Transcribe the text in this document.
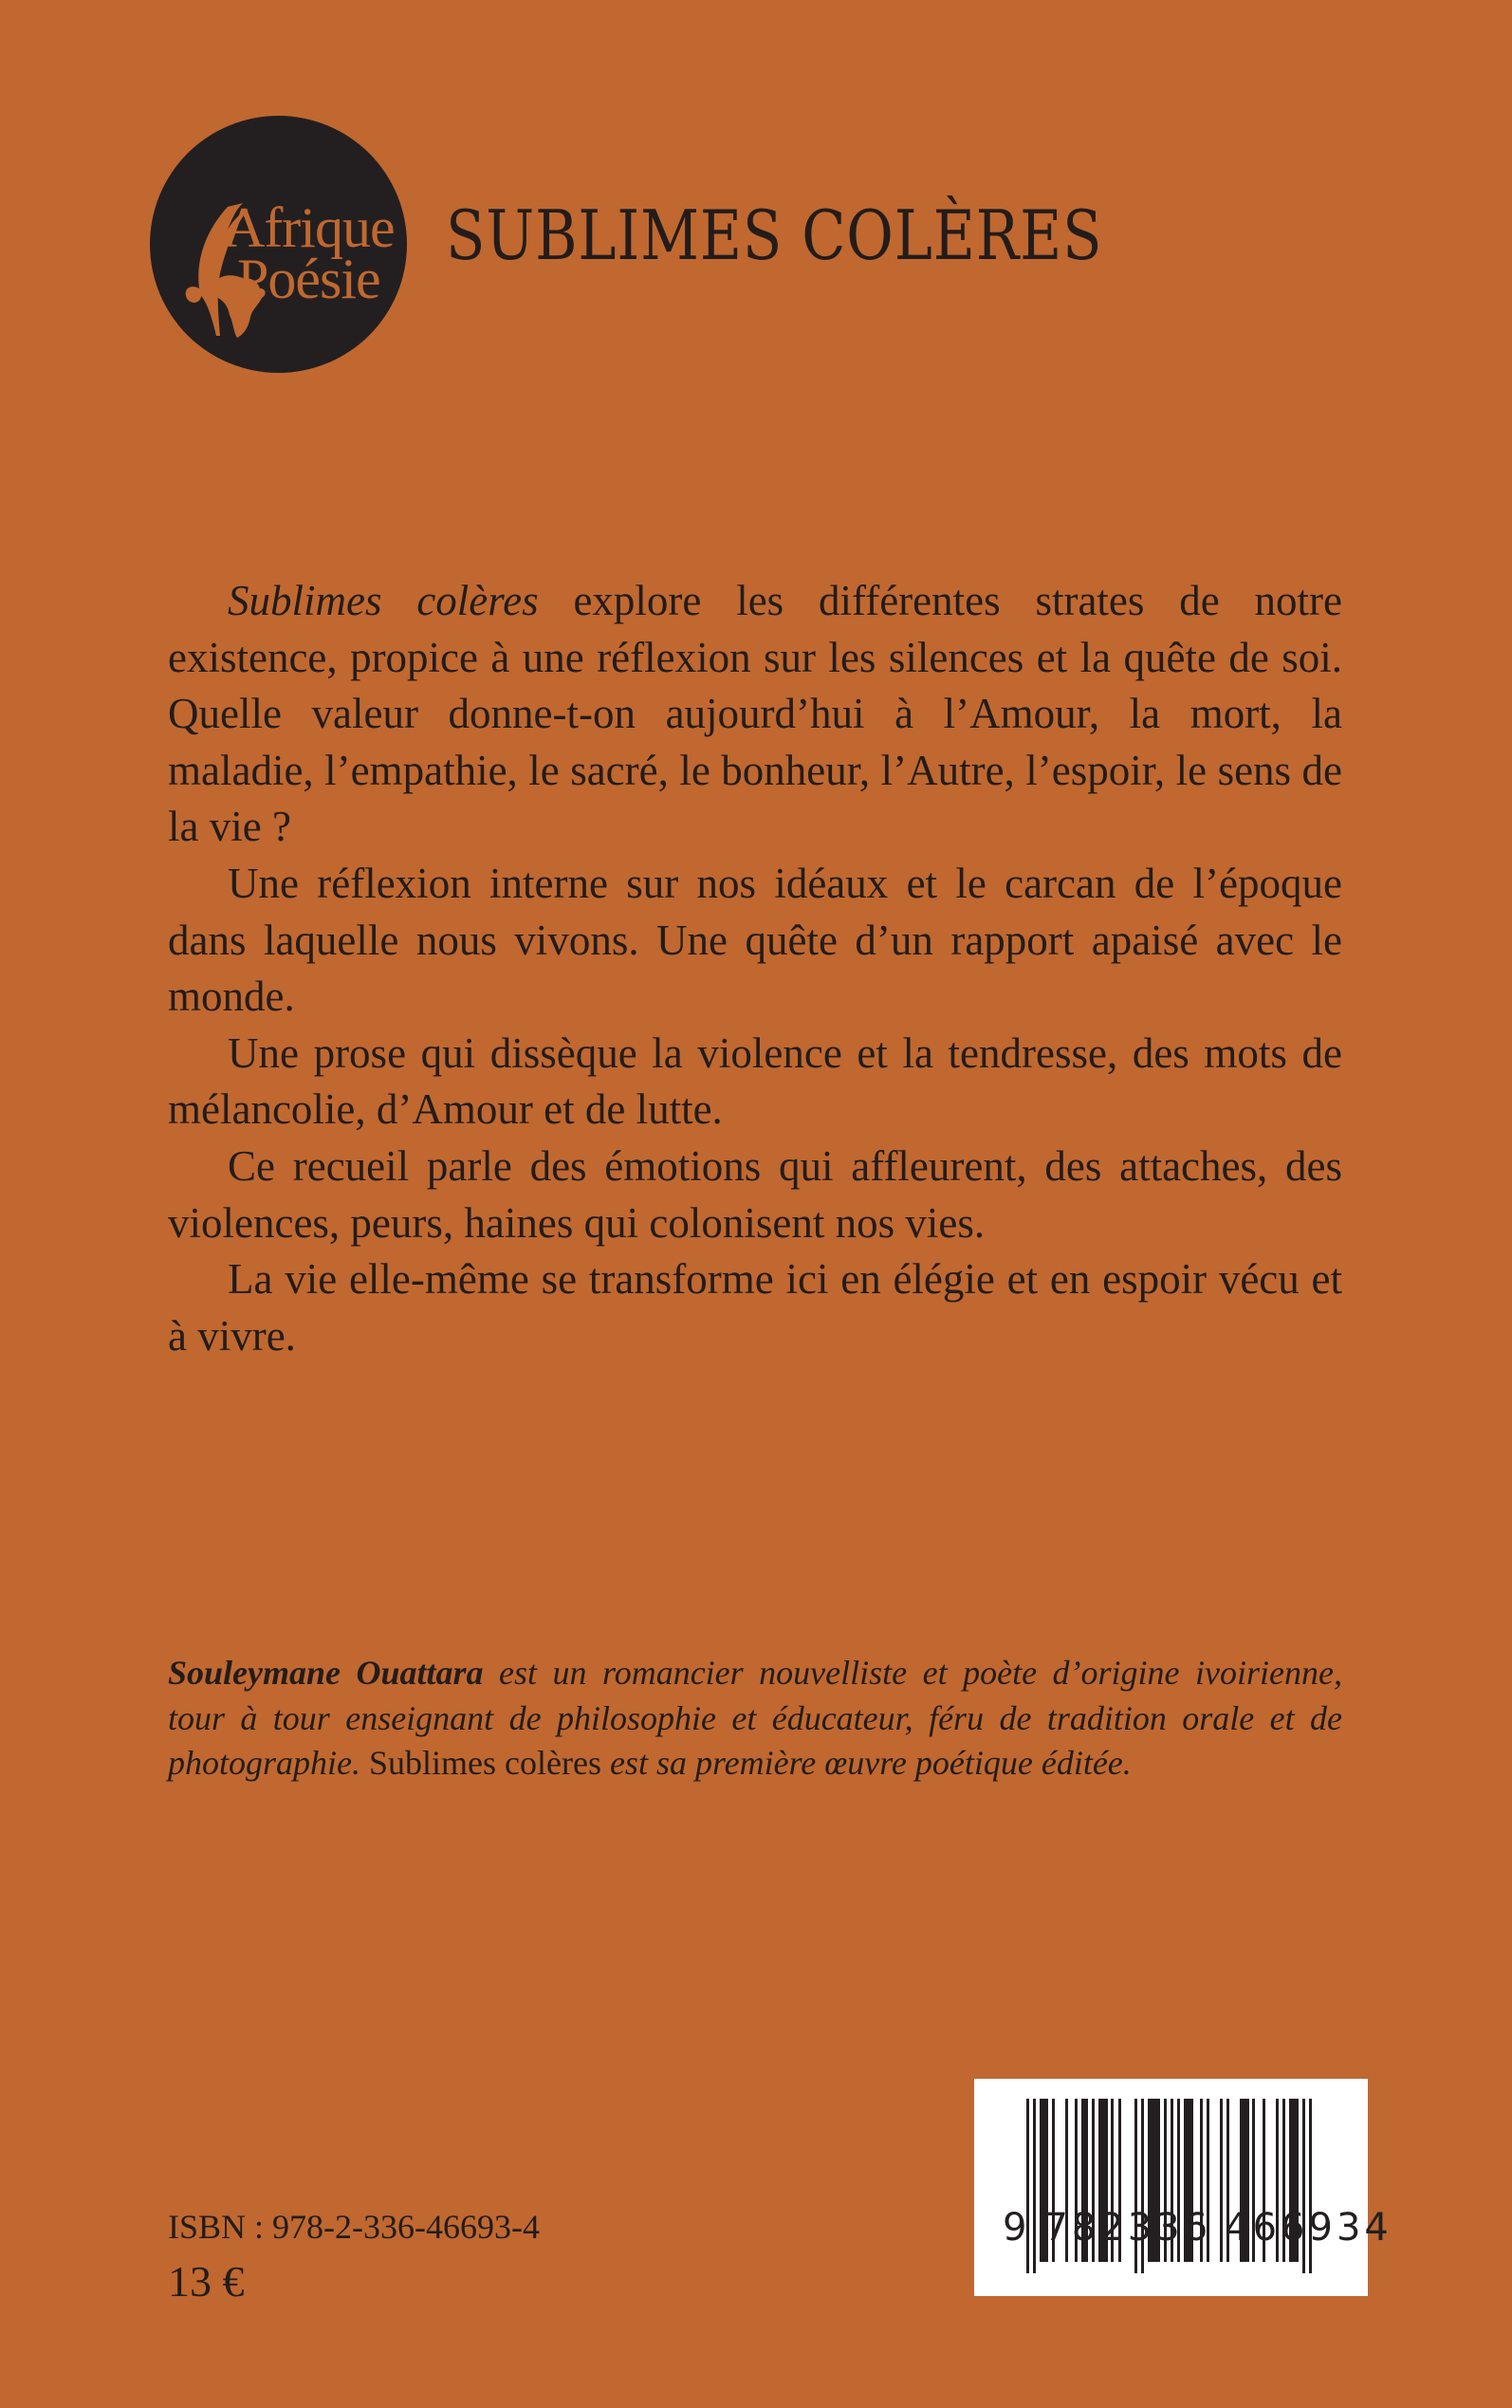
Afrique
Poésie
SUBLIMES COLÈRES

Sublimes colères explore les différentes strates de notre existence, propice à une réflexion sur les silences et la quête de soi. Quelle valeur donne-t-on aujourd’hui à l’Amour, la mort, la maladie, l’empathie, le sacré, le bonheur, l’Autre, l’espoir, le sens de la vie ?

Une réflexion interne sur nos idéaux et le carcan de l’époque dans laquelle nous vivons. Une quête d’un rapport apaisé avec le monde.

Une prose qui dissèque la violence et la tendresse, des mots de mélancolie, d’Amour et de lutte.

Ce recueil parle des émotions qui affleurent, des attaches, des violences, peurs, haines qui colonisent nos vies.

La vie elle-même se transforme ici en élégie et en espoir vécu et à vivre.

Souleymane Ouattara est un romancier nouvelliste et poète d’origine ivoirienne, tour à tour enseignant de philosophie et éducateur, féru de tradition orale et de photographie. Sublimes colères est sa première œuvre poétique éditée.
ISBN : 978-2-336-46693-4
13 €
9 782336 466934
